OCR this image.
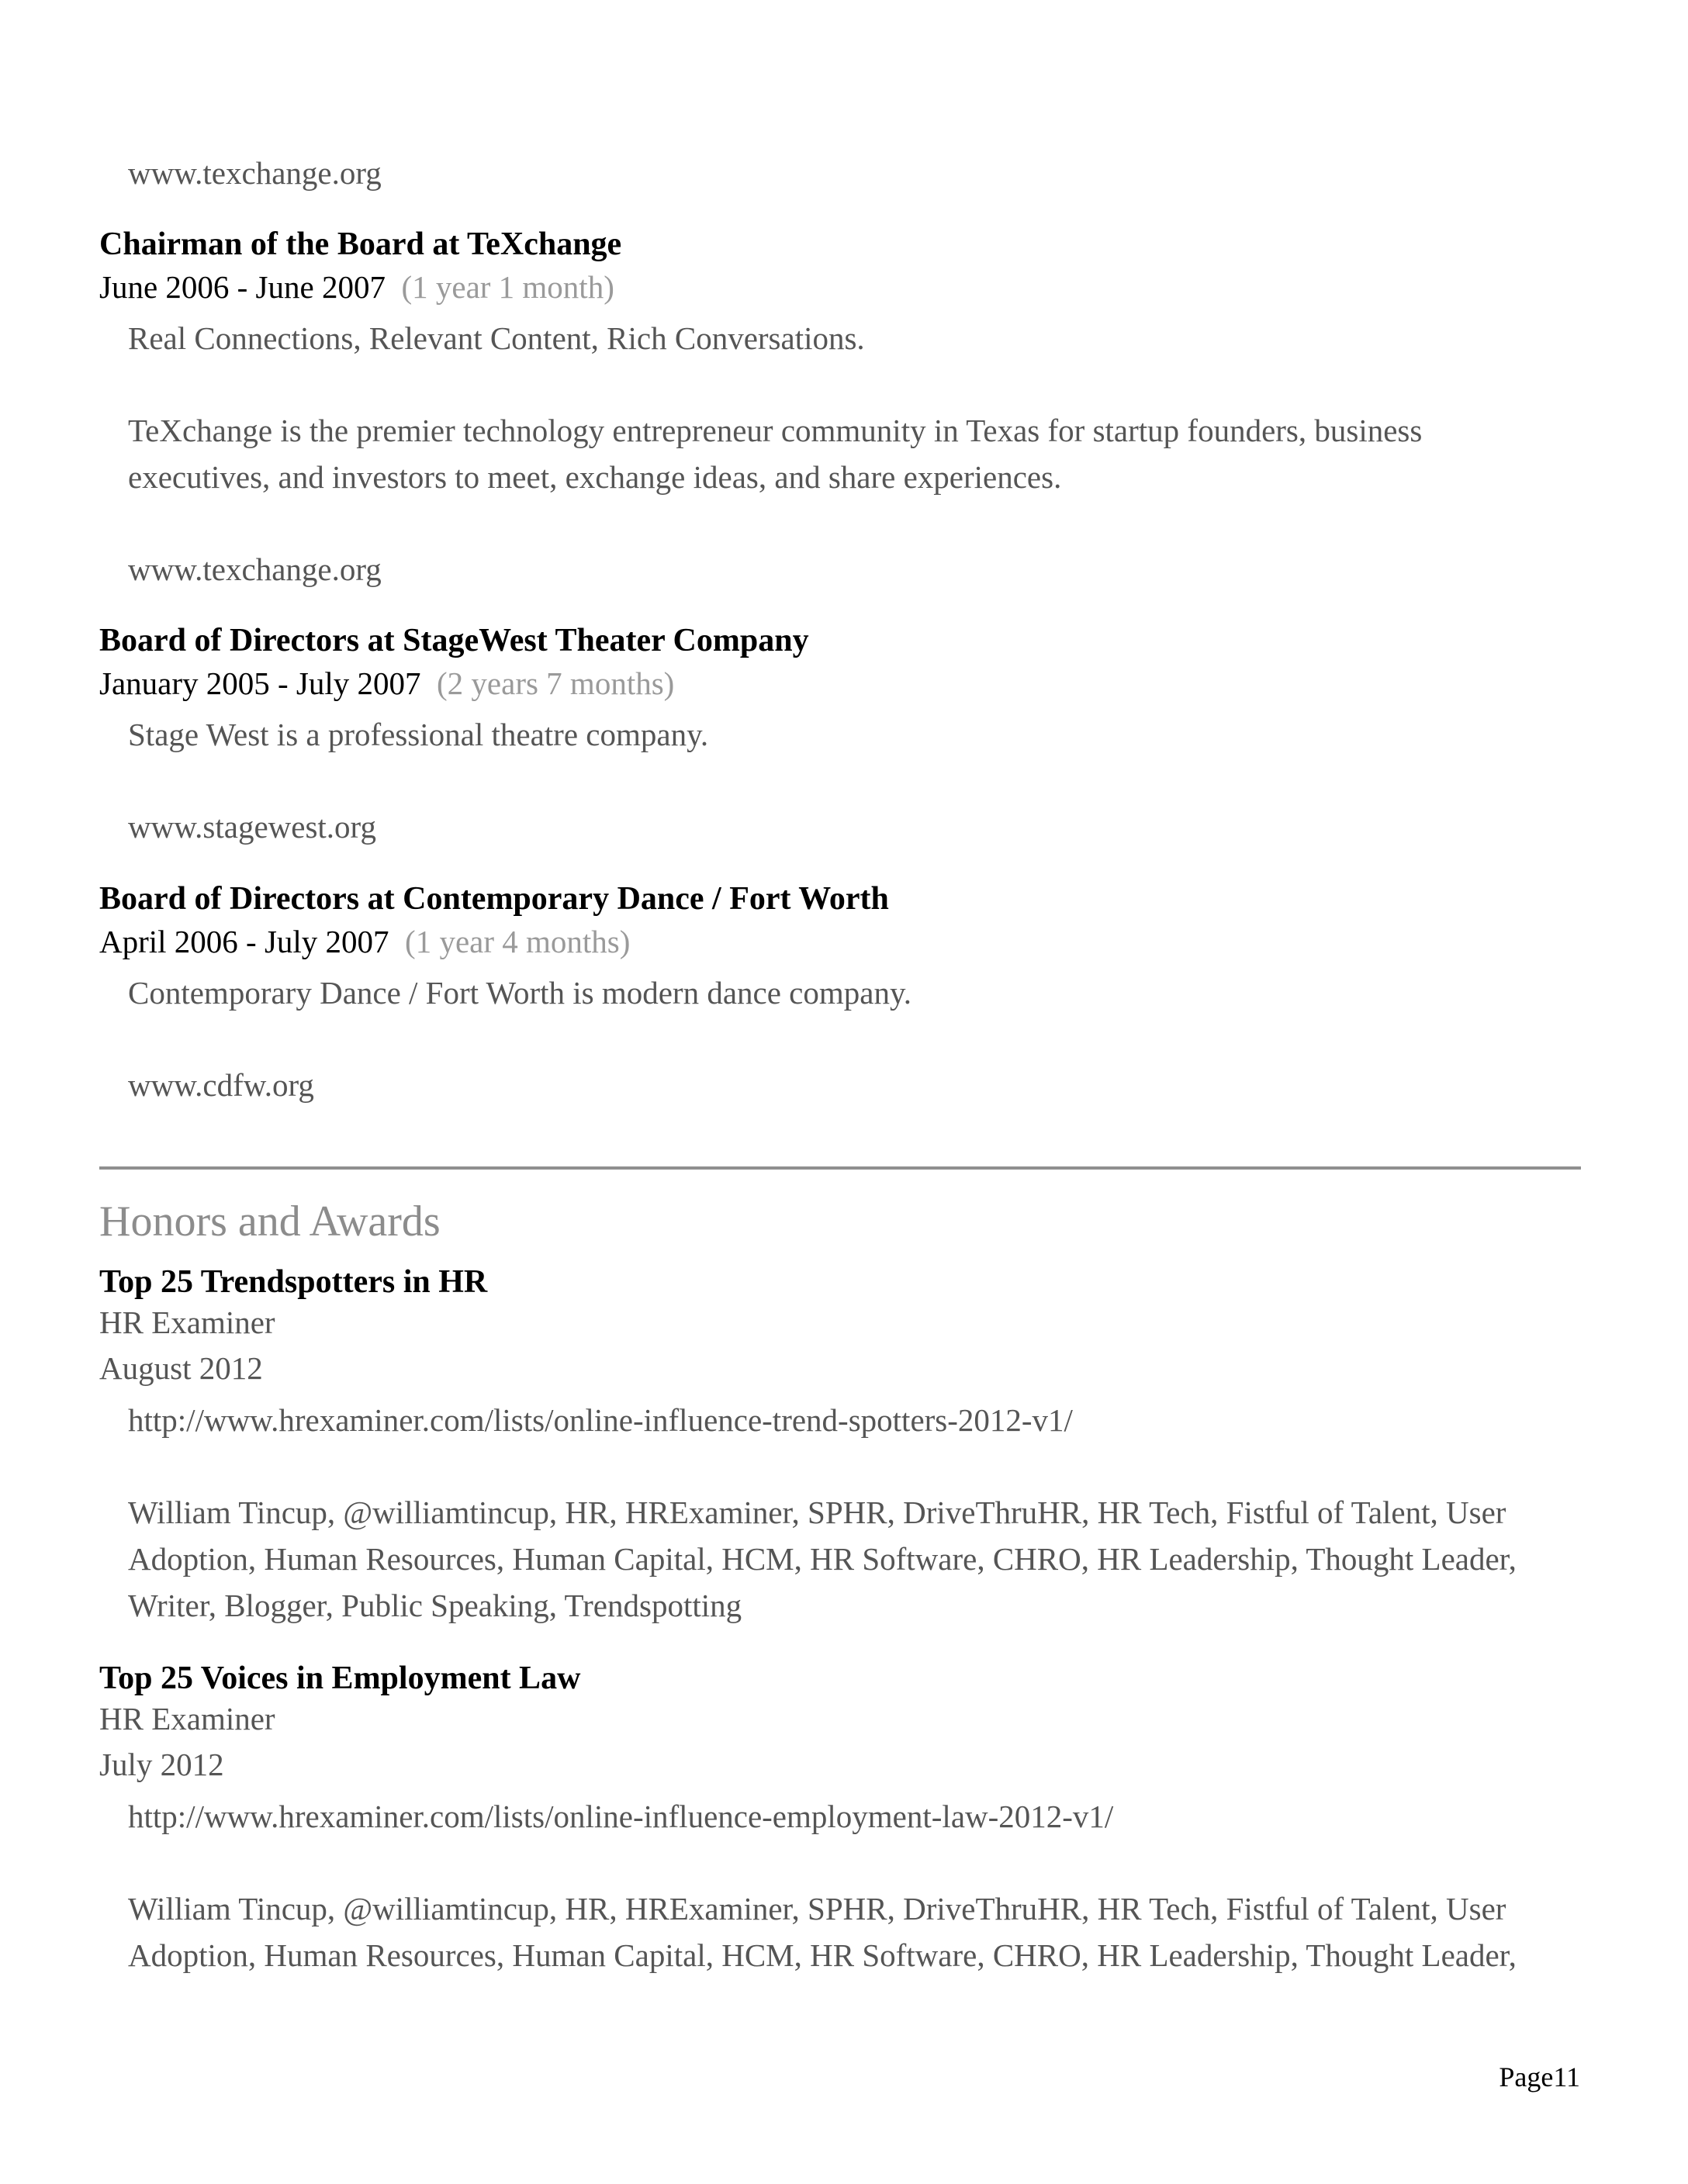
www.texchange.org
Chairman of the Board at TeXchange
June 2006 - June 2007 (1 year 1 month)
Real Connections, Relevant Content, Rich Conversations.
TeXchange is the premier technology entrepreneur community in Texas for startup founders, business
executives, and investors to meet, exchange ideas, and share experiences.
www.texchange.org
Board of Directors at StageWest Theater Company
January 2005 - July 2007 (2 years 7 months)
Stage West is a professional theatre company.
www.stagewest.org
Board of Directors at Contemporary Dance / Fort Worth
April 2006 - July 2007 (1 year 4 months)
Contemporary Dance / Fort Worth is modern dance company.
www.cdfw.org
Honors and Awards
Top 25 Trendspotters in HR
HR Examiner
August 2012
http://www.hrexaminer.com/lists/online-influence-trend-spotters-2012-v1/
William Tincup, @williamtincup, HR, HRExaminer, SPHR, DriveThruHR, HR Tech, Fistful of Talent, User
Adoption, Human Resources, Human Capital, HCM, HR Software, CHRO, HR Leadership, Thought Leader,
Writer, Blogger, Public Speaking, Trendspotting
Top 25 Voices in Employment Law
HR Examiner
July 2012
http://www.hrexaminer.com/lists/online-influence-employment-law-2012-v1/
William Tincup, @williamtincup, HR, HRExaminer, SPHR, DriveThruHR, HR Tech, Fistful of Talent, User
Adoption, Human Resources, Human Capital, HCM, HR Software, CHRO, HR Leadership, Thought Leader,
Page11
